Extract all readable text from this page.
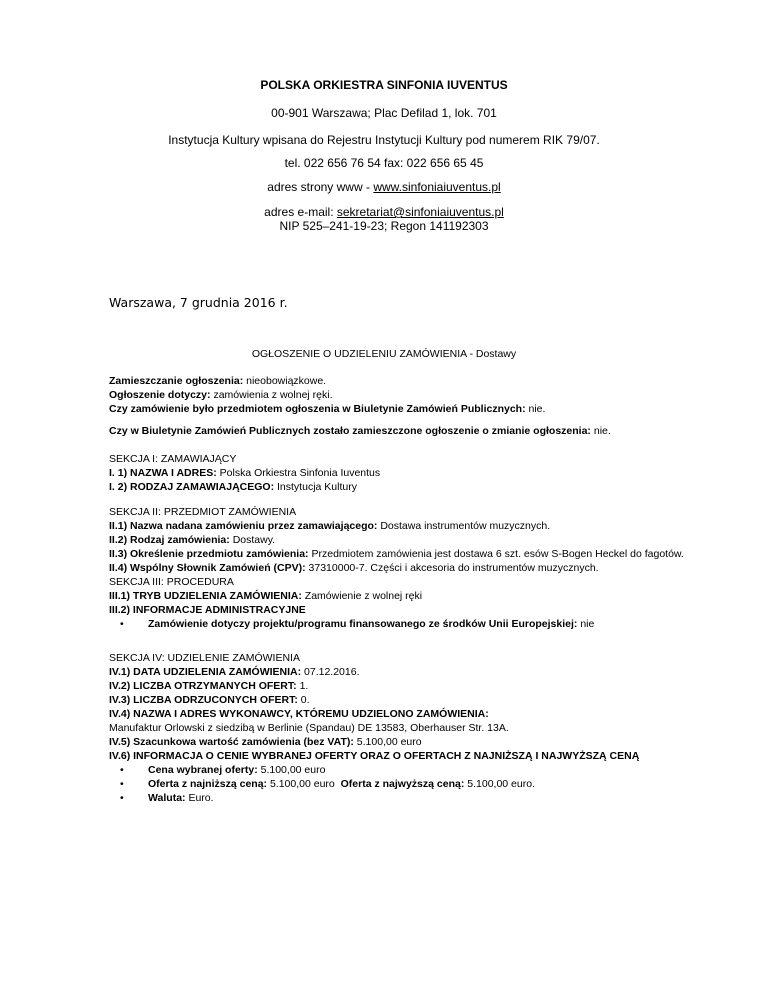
POLSKA ORKIESTRA SINFONIA IUVENTUS
00-901 Warszawa; Plac Defilad 1, lok. 701
Instytucja Kultury wpisana do Rejestru Instytucji Kultury pod numerem RIK 79/07.
tel. 022 656 76 54 fax: 022 656 65 45
adres strony www - www.sinfoniaiuventus.pl
adres e-mail: sekretariat@sinfoniaiuventus.pl
NIP 525–241-19-23; Regon 141192303
Warszawa, 7 grudnia 2016 r.
OGŁOSZENIE O UDZIELENIU ZAMÓWIENIA - Dostawy
Zamieszczanie ogłoszenia: nieobowiązkowe.
Ogłoszenie dotyczy: zamówienia z wolnej ręki.
Czy zamówienie było przedmiotem ogłoszenia w Biuletynie Zamówień Publicznych: nie.
Czy w Biuletynie Zamówień Publicznych zostało zamieszczone ogłoszenie o zmianie ogłoszenia: nie.
SEKCJA I: ZAMAWIAJĄCY
I. 1) NAZWA I ADRES: Polska Orkiestra Sinfonia Iuventus
I. 2) RODZAJ ZAMAWIAJĄCEGO: Instytucja Kultury
SEKCJA II: PRZEDMIOT ZAMÓWIENIA
II.1) Nazwa nadana zamówieniu przez zamawiającego: Dostawa instrumentów muzycznych.
II.2) Rodzaj zamówienia: Dostawy.
II.3) Określenie przedmiotu zamówienia: Przedmiotem zamówienia jest dostawa 6 szt. esów S-Bogen Heckel do fagotów.
II.4) Wspólny Słownik Zamówień (CPV): 37310000-7. Części i akcesoria do instrumentów muzycznych.
SEKCJA III: PROCEDURA
III.1) TRYB UDZIELENIA ZAMÓWIENIA: Zamówienie z wolnej ręki
III.2) INFORMACJE ADMINISTRACYJNE
• Zamówienie dotyczy projektu/programu finansowanego ze środków Unii Europejskiej: nie
SEKCJA IV: UDZIELENIE ZAMÓWIENIA
IV.1) DATA UDZIELENIA ZAMÓWIENIA: 07.12.2016.
IV.2) LICZBA OTRZYMANYCH OFERT: 1.
IV.3) LICZBA ODRZUCONYCH OFERT: 0.
IV.4) NAZWA I ADRES WYKONAWCY, KTÓREMU UDZIELONO ZAMÓWIENIA:
Manufaktur Orlowski z siedzibą w Berlinie (Spandau) DE 13583, Oberhauser Str. 13A.
IV.5) Szacunkowa wartość zamówienia (bez VAT): 5.100,00 euro
IV.6) INFORMACJA O CENIE WYBRANEJ OFERTY ORAZ O OFERTACH Z NAJNIŻSZĄ I NAJWYŻSZĄ CENĄ
• Cena wybranej oferty: 5.100,00 euro
• Oferta z najniższą ceną: 5.100,00 euro  Oferta z najwyższą ceną: 5.100,00 euro.
• Waluta: Euro.
